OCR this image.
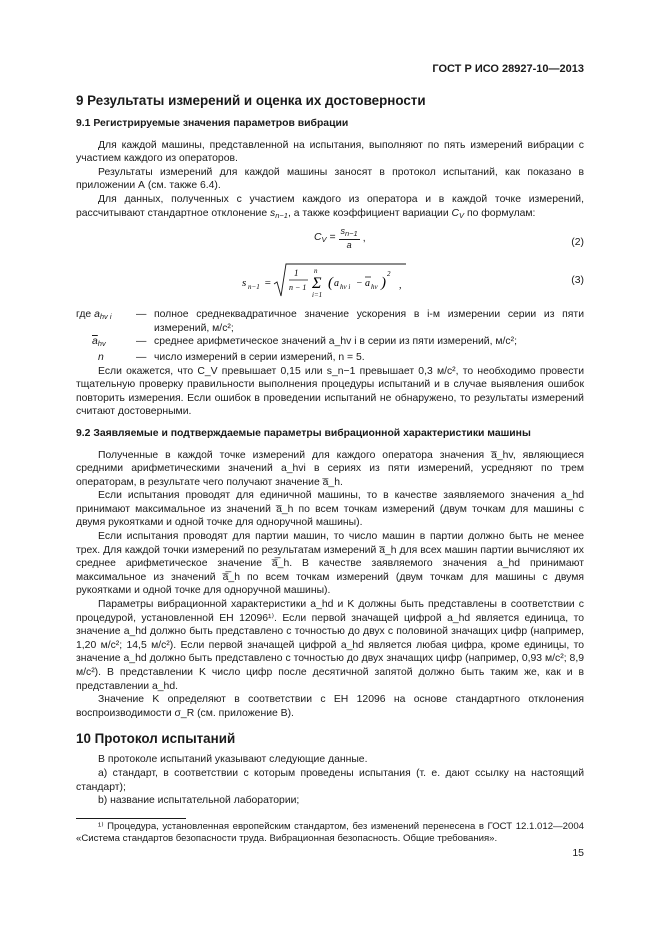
ГОСТ Р ИСО 28927-10—2013
9 Результаты измерений и оценка их достоверности
9.1 Регистрируемые значения параметров вибрации

Для каждой машины, представленной на испытания, выполняют по пять измерений вибрации с участием каждого из операторов.

Результаты измерений для каждой машины заносят в протокол испытаний, как показано в приложении А (см. также 6.4).

Для данных, полученных с участием каждого из оператора и в каждой точке измерений, рассчитывают стандартное отклонение $s_{n-1}$, а также коэффициент вариации $C_V$ по формулам:

$C_V = \frac{s_{n-1}}{a}$ ,	(2)
s n−1 =
1
n − 1 Σ
n
i=1
( a hv i − a hv )
2
,	(3)
где $a_{hv i}$	— полное среднеквадратичное значение ускорения в i-м измерении серии из пяти измерений, м/с²;
$\overline{a}_{hv}$	— среднее арифметическое значений a_hv i в серии из пяти измерений, м/с²;
n	— число измерений в серии измерений, n = 5.

Если окажется, что C_V превышает 0,15 или s_n−1 превышает 0,3 м/с², то необходимо провести тщательную проверку правильности выполнения процедуры испытаний и в случае выявления ошибок повторить измерения. Если ошибок в проведении испытаний не обнаружено, то результаты измерений считают достоверными.

9.2 Заявляемые и подтверждаемые параметры вибрационной характеристики машины

Полученные в каждой точке измерений для каждого оператора значения a̅_hv, являющиеся средними арифметическими значений a_hvi в сериях из пяти измерений, усредняют по трем операторам, в результате чего получают значение a̅_h.

Если испытания проводят для единичной машины, то в качестве заявляемого значения a_hd принимают максимальное из значений a̅_h по всем точкам измерений (двум точкам для машины с двумя рукоятками и одной точке для одноручной машины).

Если испытания проводят для партии машин, то число машин в партии должно быть не менее трех. Для каждой точки измерений по результатам измерений a̅_h для всех машин партии вычисляют их среднее арифметическое значение a̅̅_h. В качестве заявляемого значения a_hd принимают максимальное из значений a̅̅_h по всем точкам измерений (двум точкам для машины с двумя рукоятками и одной точке для одноручной машины).

Параметры вибрационной характеристики a_hd и K должны быть представлены в соответствии с процедурой, установленной ЕН 12096¹⁾. Если первой значащей цифрой a_hd является единица, то значение a_hd должно быть представлено с точностью до двух с половиной значащих цифр (например, 1,20 м/с²; 14,5 м/с²). Если первой значащей цифрой a_hd является любая цифра, кроме единицы, то значение a_hd должно быть представлено с точностью до двух значащих цифр (например, 0,93 м/с²; 8,9 м/с²). В представлении K число цифр после десятичной запятой должно быть таким же, как и в представлении a_hd.

Значение K определяют в соответствии с ЕН 12096 на основе стандартного отклонения воспроизводимости σ_R (см. приложение В).

10 Протокол испытаний

В протоколе испытаний указывают следующие данные.

a) стандарт, в соответствии с которым проведены испытания (т. е. дают ссылку на настоящий стандарт);

b) название испытательной лаборатории;

¹⁾ Процедура, установленная европейским стандартом, без изменений перенесена в ГОСТ 12.1.012—2004 «Система стандартов безопасности труда. Вибрационная безопасность. Общие требования».
15
